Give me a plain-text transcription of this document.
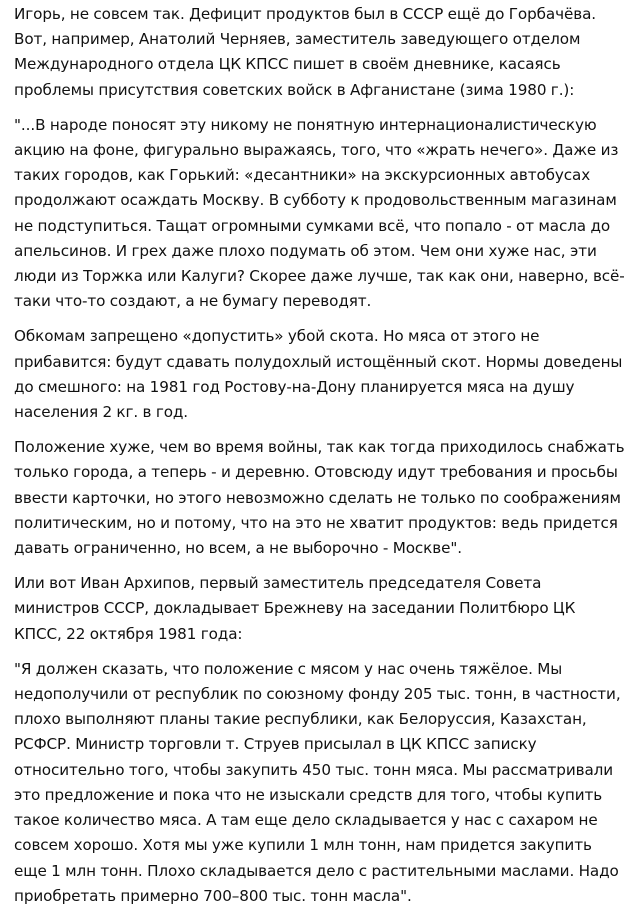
Игорь, не совсем так. Дефицит продуктов был в СССР ещё до Горбачёва. Вот, например, Анатолий Черняев, заместитель заведующего отделом Международного отдела ЦК КПСС пишет в своём дневнике, касаясь проблемы присутствия советских войск в Афганистане (зима 1980 г.):

"...В народе поносят эту никому не понятную интернационалистическую акцию на фоне, фигурально выражаясь, того, что «жрать нечего». Даже из таких городов, как Горький: «десантники» на экскурсионных автобусах продолжают осаждать Москву. В субботу к продовольственным магазинам не подступиться. Тащат огромными сумками всё, что попало - от масла до апельсинов. И грех даже плохо подумать об этом. Чем они хуже нас, эти люди из Торжка или Калуги? Скорее даже лучше, так как они, наверно, всё-таки что-то создают, а не бумагу переводят.

Обкомам запрещено «допустить» убой скота. Но мяса от этого не прибавится: будут сдавать полудохлый истощённый скот. Нормы доведены до смешного: на 1981 год Ростову-на-Дону планируется мяса на душу населения 2 кг. в год.

Положение хуже, чем во время войны, так как тогда приходилось снабжать только города, а теперь - и деревню. Отовсюду идут требования и просьбы ввести карточки, но этого невозможно сделать не только по соображениям политическим, но и потому, что на это не хватит продуктов: ведь придется давать ограниченно, но всем, а не выборочно - Москве".

Или вот Иван Архипов, первый заместитель председателя Совета министров СССР, докладывает Брежневу на заседании Политбюро ЦК КПСС, 22 октября 1981 года:

"Я должен сказать, что положение с мясом у нас очень тяжёлое. Мы недополучили от республик по союзному фонду 205 тыс. тонн, в частности, плохо выполняют планы такие республики, как Белоруссия, Казахстан, РСФСР. Министр торговли т. Струев присылал в ЦК КПСС записку относительно того, чтобы закупить 450 тыс. тонн мяса. Мы рассматривали это предложение и пока что не изыскали средств для того, чтобы купить такое количество мяса. А там еще дело складывается у нас с сахаром не совсем хорошо. Хотя мы уже купили 1 млн тонн, нам придется закупить еще 1 млн тонн. Плохо складывается дело с растительными маслами. Надо приобретать примерно 700–800 тыс. тонн масла".
